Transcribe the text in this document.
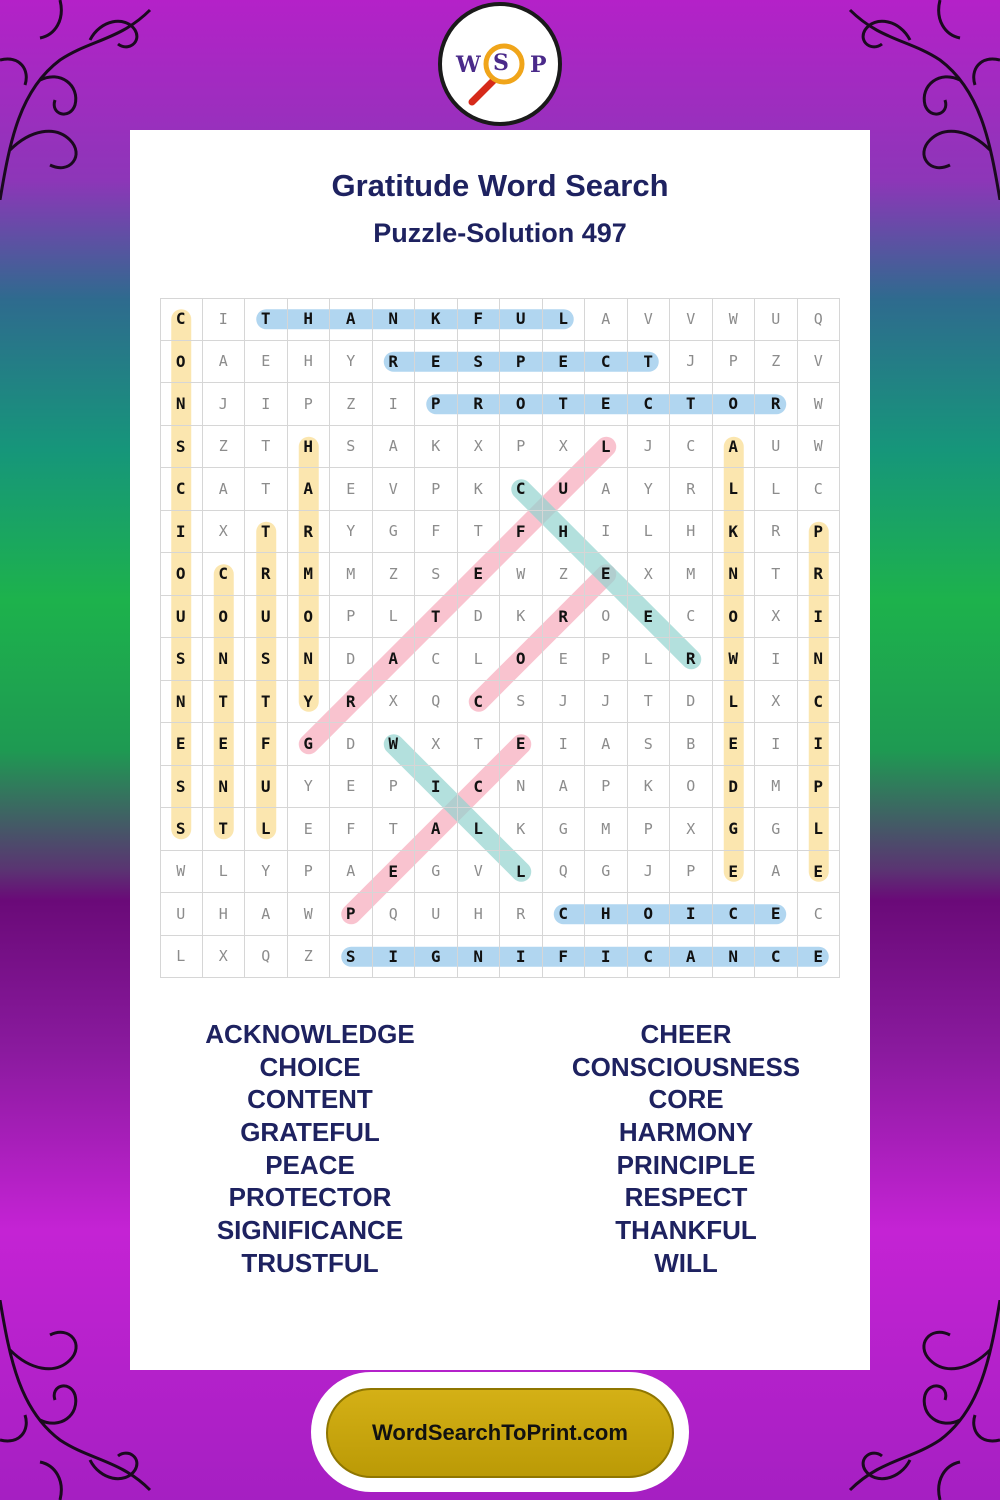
W S P
Gratitude Word Search
Puzzle-Solution 497
C	I	T	H	A	N	K	F	U	L	A	V	V	W	U	Q
O	A	E	H	Y	R	E	S	P	E	C	T	J	P	Z	V
N	J	I	P	Z	I	P	R	O	T	E	C	T	O	R	W
S	Z	T	H	S	A	K	X	P	X	L	J	C	A	U	W
C	A	T	A	E	V	P	K	C	U	A	Y	R	L	L	C
I	X	T	R	Y	G	F	T	F	H	I	L	H	K	R	P
O	C	R	M	M	Z	S	E	W	Z	E	X	M	N	T	R
U	O	U	O	P	L	T	D	K	R	O	E	C	O	X	I
S	N	S	N	D	A	C	L	O	E	P	L	R	W	I	N
N	T	T	Y	R	X	Q	C	S	J	J	T	D	L	X	C
E	E	F	G	D	W	X	T	E	I	A	S	B	E	I	I
S	N	U	Y	E	P	I	C	N	A	P	K	O	D	M	P
S	T	L	E	F	T	A	L	K	G	M	P	X	G	G	L
W	L	Y	P	A	E	G	V	L	Q	G	J	P	E	A	E
U	H	A	W	P	Q	U	H	R	C	H	O	I	C	E	C
L	X	Q	Z	S	I	G	N	I	F	I	C	A	N	C	E
ACKNOWLEDGE
CHOICE
CONTENT
GRATEFUL
PEACE
PROTECTOR
SIGNIFICANCE
TRUSTFUL
CHEER
CONSCIOUSNESS
CORE
HARMONY
PRINCIPLE
RESPECT
THANKFUL
WILL
WordSearchToPrint.com
